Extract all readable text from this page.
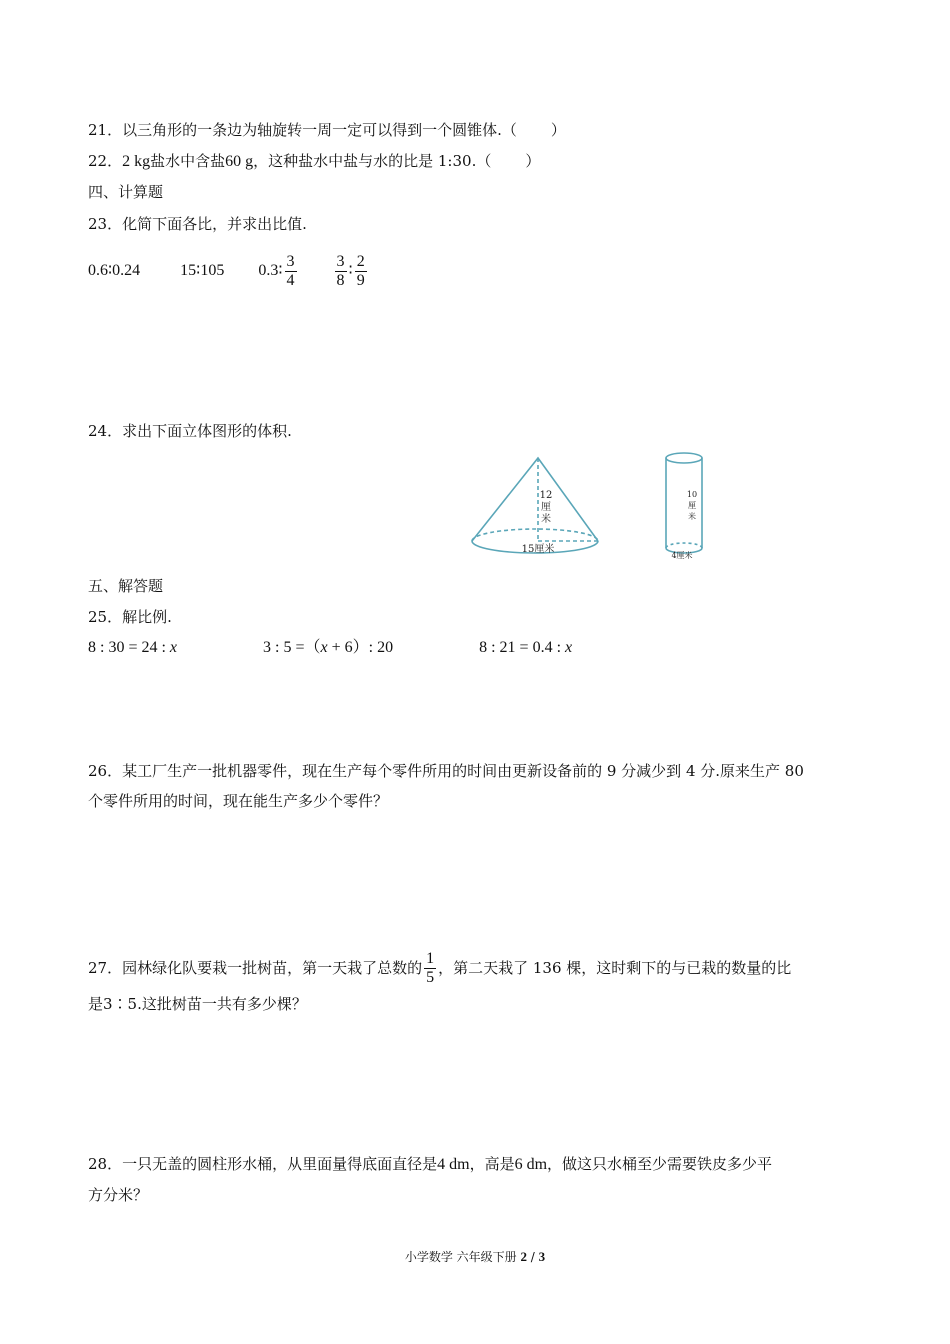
21．以三角形的一条边为轴旋转一周一定可以得到一个圆锥体.（ ）
22．2 kg盐水中含盐60 g，这种盐水中盐与水的比是 1:30.（ ）
四、计算题
23．化简下面各比，并求出比值.
0.6∶0.24	15∶105 0.3∶ $\frac{3}{4} \frac{3}{8}$ ∶ $\frac{2}{9}$
24．求出下面立体图形的体积.
12
厘
米
15厘米
10
厘
米
4厘米
五、解答题
25．解比例.
8 : 30 = 24 : x	3 : 5 =（x + 6）: 20	8 : 21 = 0.4 : x
26．某工厂生产一批机器零件，现在生产每个零件所用的时间由更新设备前的 9 分减少到 4 分.原来生产 80
个零件所用的时间，现在能生产多少个零件？
27． 园林绿化队要栽一批树苗，第一天栽了总数的 $\frac{1}{5}$ ，第二天栽了 136 棵，这时剩下的与已栽的数量的比
是3∶5.这批树苗一共有多少棵？
28．一只无盖的圆柱形水桶，从里面量得底面直径是4 dm，高是6 dm，做这只水桶至少需要铁皮多少平
方分米？
小学数学 六年级下册 2 / 3
